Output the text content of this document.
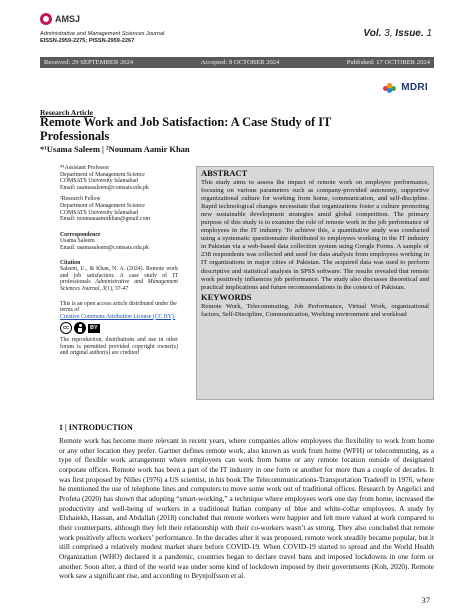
AMSJ
Administrative and Management Sciences Journal
EISSN-2959-2275; PISSN-2959-2267
Vol. 3, Issue. 1
Received: 29 SEPTEMBER 2024	Accepted: 8 OCTOBER 2024	Published: 17 OCTOBER 2024
MDRI
Research Article
Remote Work and Job Satisfaction: A Case Study of IT Professionals
*¹Usama Saleem | ²Noumam Aamir Khan
*¹Assistant Professor
Department of Management Science
COMSATS University Islamabad
Email: usamasaleem@comsats.edu.pk
²Research Fellow
Department of Management Science
COMSATS University Islamabad
Email: noumanaamirkhan@gmail.com
Correspondence
Usama Saleem
Email: usamasaleem@comsats.edu.pk
Citation
Saleem, U., & Khan, N. A. (2024). Remote work and job satisfaction: A case study of IT professionals Administrative and Management Sciences Journal, 3(1), 37-47
This is an open access article distributed under the terms of
Creative Commons Attribution License (CC BY).
cc	BY
The reproduction, distributions and use in other forum is permitted provided copyright owner(s) and original author(s) are credited
ABSTRACT
This study aims to assess the impact of remote work on employee performance, focusing on various parameters such as company-provided autonomy, supportive organizational culture for working from home, communication, and self-discipline. Rapid technological changes necessitate that organizations foster a culture promoting new sustainable development strategies amid global competition. The primary purpose of this study is to examine the role of remote work in the job performance of employees in the IT industry. To achieve this, a quantitative study was conducted using a systematic questionnaire distributed to employees working in the IT industry in Pakistan via a web-based data collection system using Google Forms. A sample of 238 respondents was collected and used for data analysis from employees working in IT organizations in major cities of Pakistan. The acquired data was used to perform descriptive and statistical analysis in SPSS software. The results revealed that remote work positively influences job performance. The study also discusses theoretical and practical implications and future recommendations in the context of Pakistan.
KEYWORDS
Remote Work, Telecommuting, Job Performance, Virtual Work, organizational factors, Self-Discipline, Communication, Working environment and workload
1 | INTRODUCTION
Remote work has become more relevant in recent years, where companies allow employees the flexibility to work from home or any other location they prefer. Gartner defines remote work, also known as work from home (WFH) or telecommuting, as a type of flexible work arrangement where employees can work from home or any remote location outside of designated corporate offices. Remote work has been a part of the IT industry in one form or another for more than a couple of decades. It was first proposed by Nilles (1976) a US scientist, in his book The Telecommunications-Transportation Tradeoff in 1976, where he mentioned the use of telephone lines and computers to move some work out of traditional offices. Research by Angelici and Profeta (2020) has shown that adopting “smart-working,” a technique where employees work one day from home, increased the productivity and well-being of workers in a traditional Italian company of blue and white-collar employees. A study by Elshaiekh, Hassan, and Abdallah (2018) concluded that remote workers were happier and felt more valued at work compared to their counterparts, although they felt their relationship with their co-workers wasn’t as strong. They also concluded that remote work positively affects workers’ performance. In the decades after it was proposed, remote work steadily became popular, but it still comprised a relatively modest market share before COVID-19. When COVID-19 started to spread and the World Health Organization (WHO) declared it a pandemic, countries began to declare travel bans and imposed lockdowns in one form or another. Soon after, a third of the world was under some kind of lockdown imposed by their governments (Koh, 2020). Remote work saw a significant rise, and according to Brynjolfsson et al.
37
